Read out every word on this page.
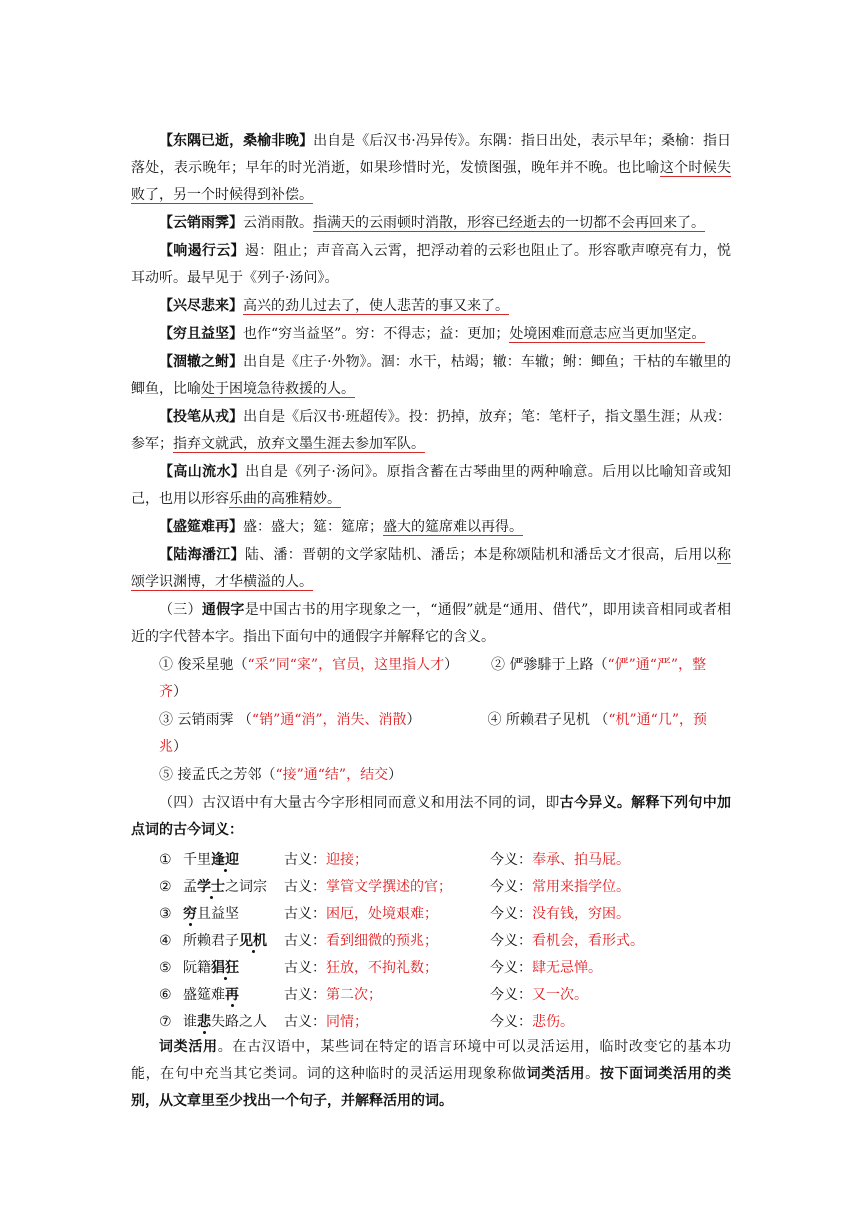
【东隅已逝，桑榆非晚】出自是《后汉书·冯异传》。东隅：指日出处，表示早年；桑榆：指日落处，表示晚年；早年的时光消逝，如果珍惜时光，发愤图强，晚年并不晚。也比喻这个时候失败了，另一个时候得到补偿。

【云销雨霁】云消雨散。指满天的云雨顿时消散，形容已经逝去的一切都不会再回来了。

【响遏行云】遏：阻止；声音高入云霄，把浮动着的云彩也阻止了。形容歌声嘹亮有力，悦耳动听。最早见于《列子·汤问》。

【兴尽悲来】高兴的劲儿过去了，使人悲苦的事又来了。

【穷且益坚】也作“穷当益坚”。穷：不得志；益：更加；处境困难而意志应当更加坚定。

【涸辙之鲋】出自是《庄子·外物》。涸：水干，枯竭；辙：车辙；鲋：鲫鱼；干枯的车辙里的鲫鱼，比喻处于困境急待救援的人。

【投笔从戎】出自是《后汉书·班超传》。投：扔掉，放弃；笔：笔杆子，指文墨生涯；从戎：参军；指弃文就武，放弃文墨生涯去参加军队。

【高山流水】出自是《列子·汤问》。原指含蓄在古琴曲里的两种喻意。后用以比喻知音或知己，也用以形容乐曲的高雅精妙。

【盛筵难再】盛：盛大；筵：筵席；盛大的筵席难以再得。

【陆海潘江】陆、潘：晋朝的文学家陆机、潘岳；本是称颂陆机和潘岳文才很高，后用以称颂学识渊博，才华横溢的人。

（三）通假字是中国古书的用字现象之一，“通假”就是“通用、借代”，即用读音相同或者相近的字代替本字。指出下面句中的通假字并解释它的含义。

① 俊采星驰（“采”同“寀”，官员，这里指人才） ② 俨骖騑于上路（“俨”通“严”，整齐）
③ 云销雨霁 （“销”通“消”，消失、消散）	④ 所赖君子见机 （“机”通“几”，预兆）
⑤ 接孟氏之芳邻（“接”通“结”，结交）

（四）古汉语中有大量古今字形相同而意义和用法不同的词，即古今异义。解释下列句中加点词的古今词义：

① 千里逢迎	古义：迎接；	今义：奉承、拍马屁。
② 孟学士之词宗	古义：掌管文学撰述的官；	今义：常用来指学位。
③ 穷且益坚	古义：困厄，处境艰难；	今义：没有钱，穷困。
④ 所赖君子见机	古义：看到细微的预兆；	今义：看机会，看形式。
⑤ 阮籍猖狂	古义：狂放，不拘礼数；	今义：肆无忌惮。
⑥ 盛筵难再	古义：第二次；	今义：又一次。
⑦ 谁悲失路之人	古义：同情；	今义：悲伤。

词类活用。在古汉语中，某些词在特定的语言环境中可以灵活运用，临时改变它的基本功能，在句中充当其它类词。词的这种临时的灵活运用现象称做词类活用。按下面词类活用的类别，从文章里至少找出一个句子，并解释活用的词。
